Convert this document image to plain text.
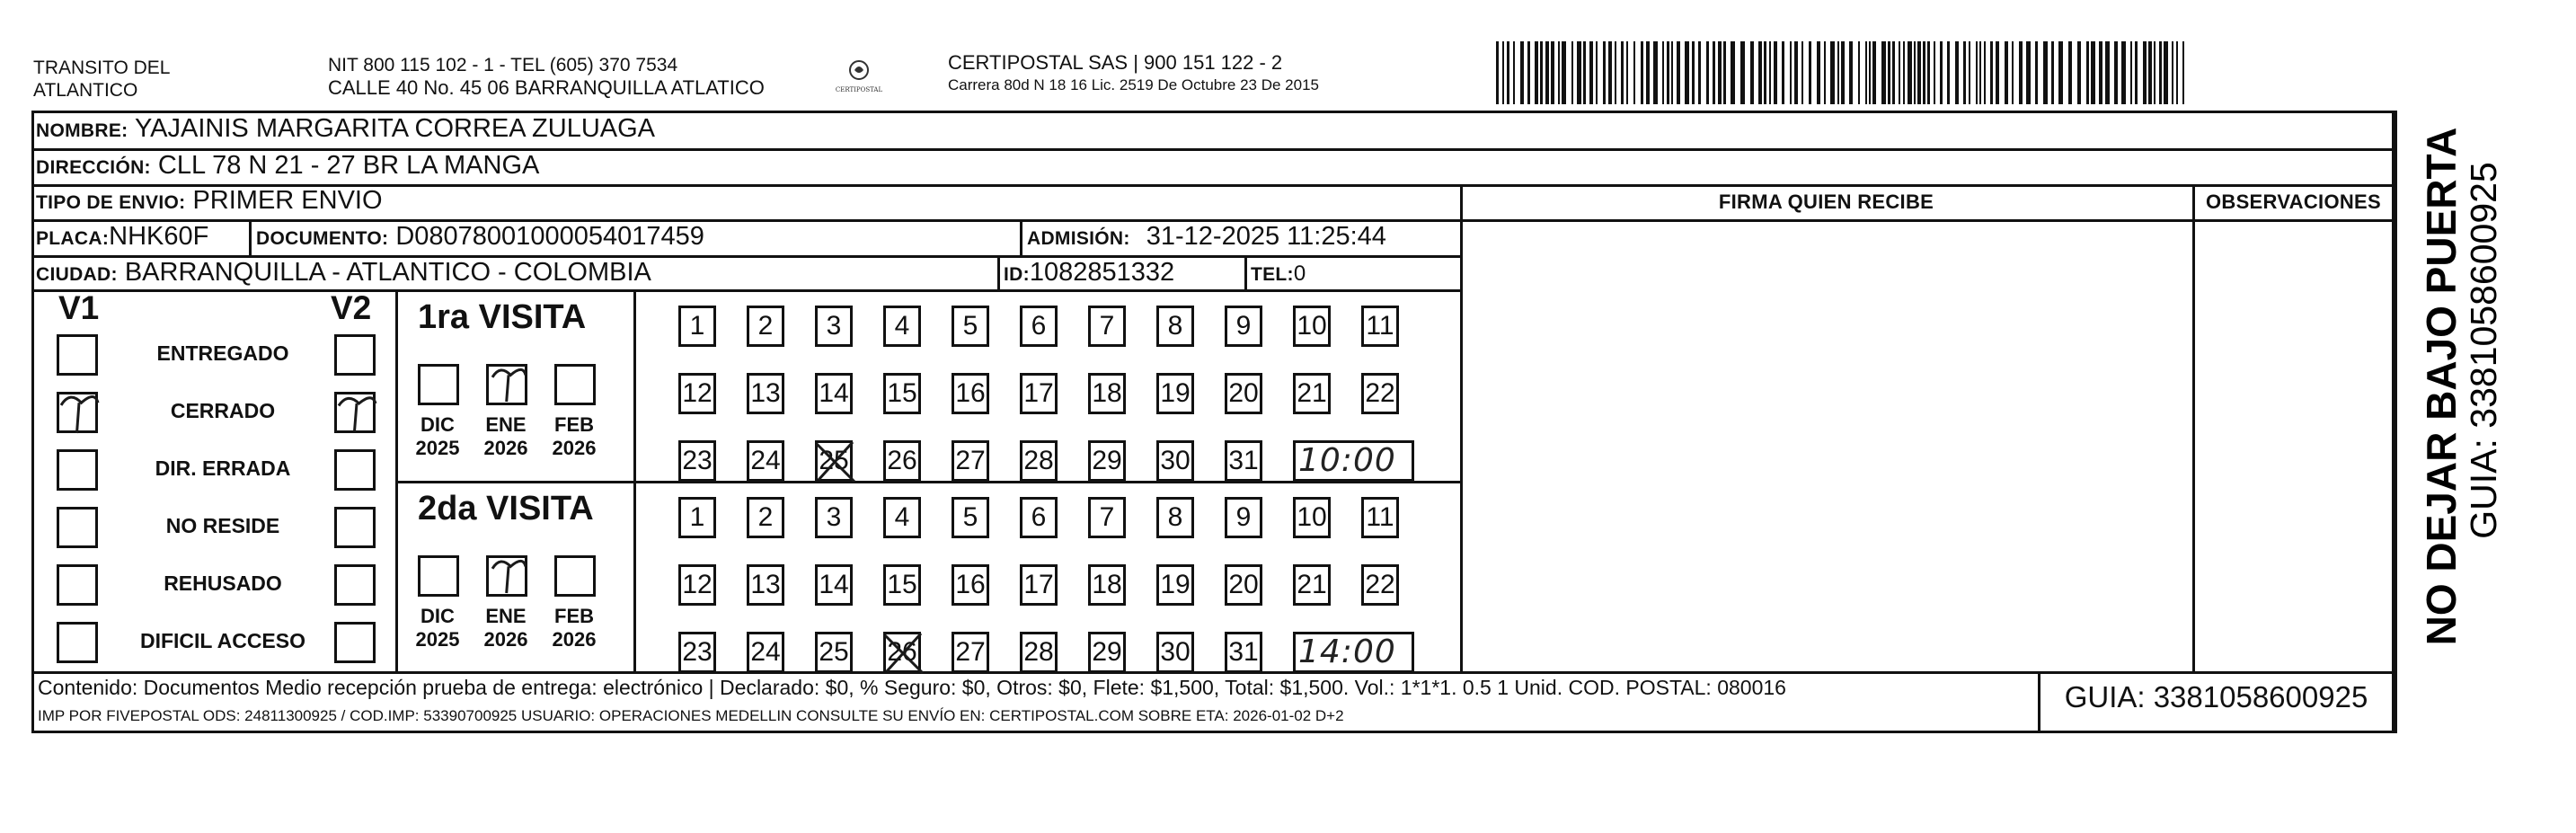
TRANSITO DEL
ATLANTICO
NIT 800 115 102 - 1 - TEL (605) 370 7534
CALLE 40 No. 45 06 BARRANQUILLA ATLATICO	CERTIPOSTAL
CERTIPOSTAL SAS | 900 151 122 - 2
Carrera 80d N 18 16 Lic. 2519 De Octubre 23 De 2015
NOMBRE: YAJAINIS MARGARITA CORREA ZULUAGA
DIRECCIÓN: CLL 78 N 21 - 27 BR LA MANGA
TIPO DE ENVIO: PRIMER ENVIO
PLACA:NHK60F	DOCUMENTO: D08078001000054017459	ADMISIÓN: 31-12-2025 11:25:44
CIUDAD: BARRANQUILLA - ATLANTICO - COLOMBIA	ID:1082851332	TEL:0
FIRMA QUIEN RECIBE	OBSERVACIONES
V1	V2
ENTREGADO
CERRADO
DIR. ERRADA
NO RESIDE
REHUSADO
DIFICIL ACCESO
1ra VISITA
DIC
2025
ENE
2026
FEB
2026
1	2	3	4	5	6	7	8	9	10 11
12 13 14 15 16 17 18 19 20 21 22
23 24 25 26 27 28 29 30 31 10:00
2da VISITA
DIC
2025
ENE
2026
FEB
2026
1	2	3	4	5	6	7	8	9	10 11
12 13 14 15 16 17 18 19 20 21 22
23 24 25 26 27 28 29 30 31 14:00
Contenido: Documentos Medio recepción prueba de entrega: electrónico | Declarado: $0, % Seguro: $0, Otros: $0, Flete: $1,500, Total: $1,500. Vol.: 1*1*1. 0.5 1 Unid. COD. POSTAL: 080016
IMP POR FIVEPOSTAL ODS: 24811300925 / COD.IMP: 53390700925 USUARIO: OPERACIONES MEDELLIN CONSULTE SU ENVÍO EN: CERTIPOSTAL.COM SOBRE ETA: 2026-01-02 D+2
GUIA: 3381058600925
NO DEJAR BAJO PUERTA
GUIA: 3381058600925
